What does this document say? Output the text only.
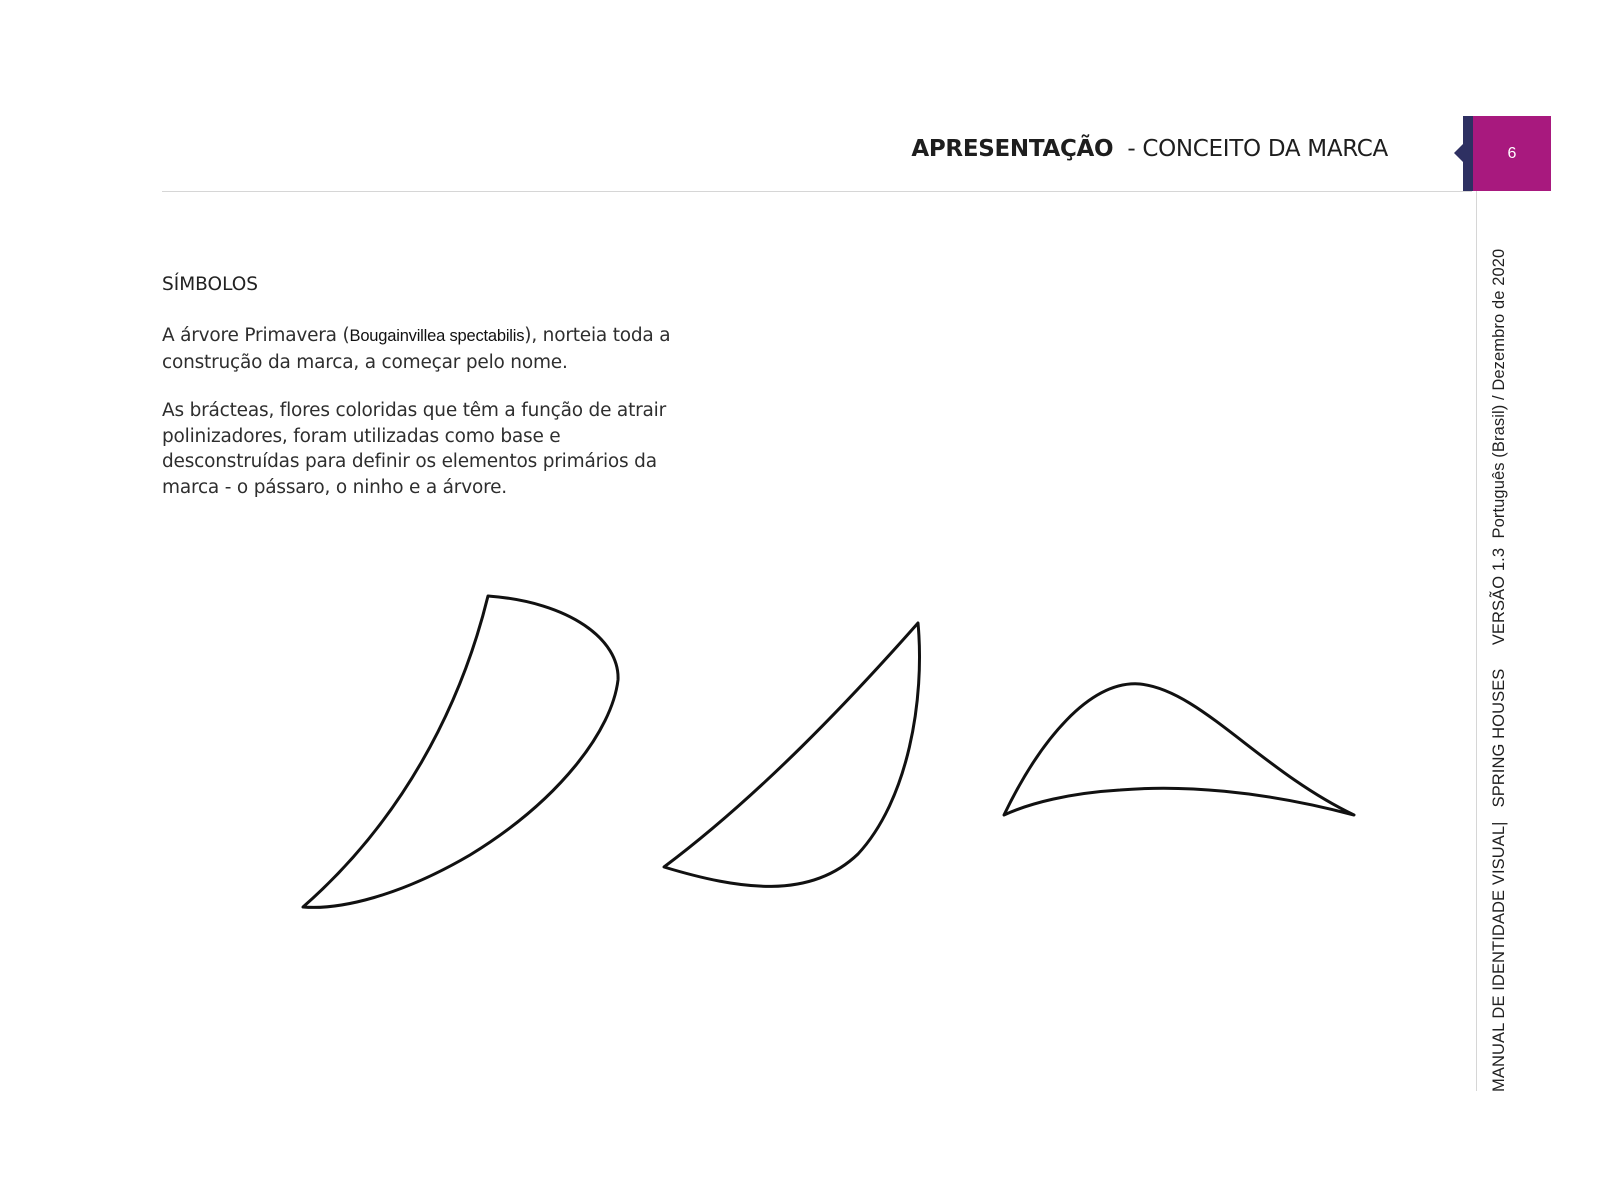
APRESENTAÇÃO - CONCEITO DA MARCA	6
MANUAL DE IDENTIDADE VISUAL|   SPRING HOUSES     VERSÃO 1.3  Português (Brasil) / Dezembro de 2020
SÍMBOLOS
A árvore Primavera (Bougainvillea spectabilis), norteia toda a construção da marca, a começar pelo nome.
As brácteas, flores coloridas que têm a função de atrair polinizadores, foram utilizadas como base e desconstruídas para definir os elementos primários da marca - o pássaro, o ninho e a árvore.
